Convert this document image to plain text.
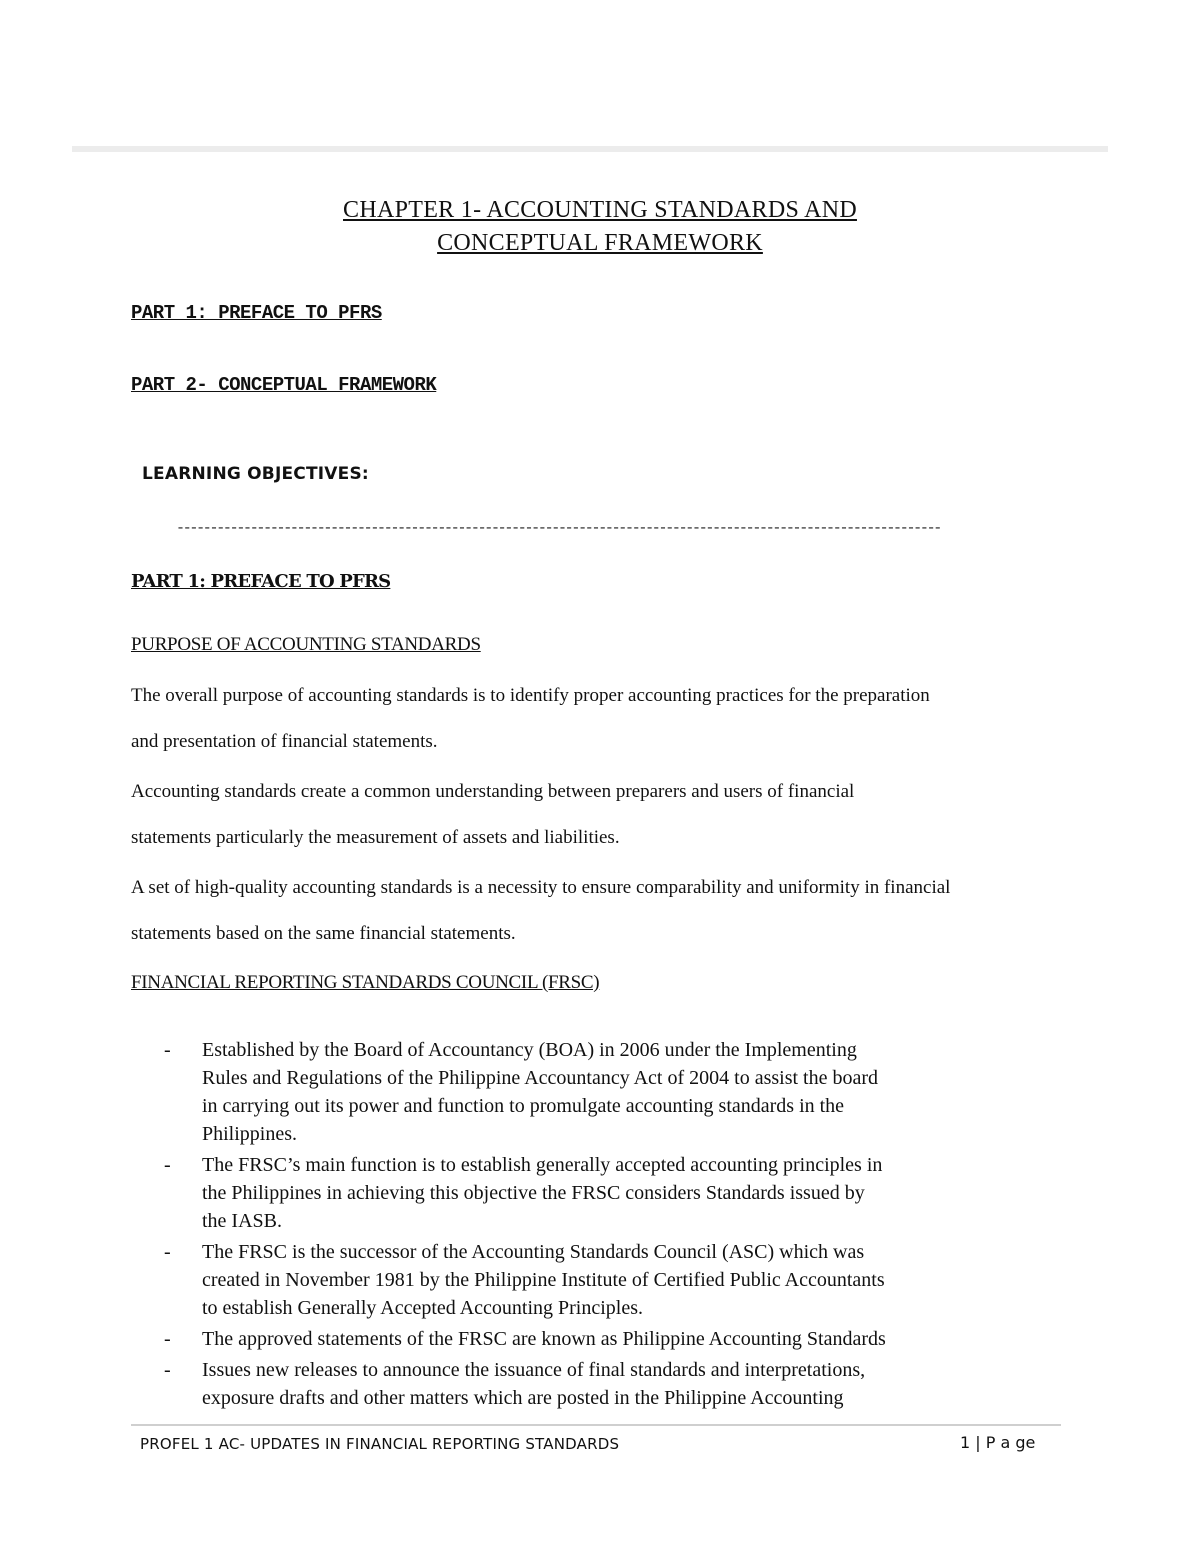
CHAPTER 1- ACCOUNTING STANDARDS AND
CONCEPTUAL FRAMEWORK
PART 1: PREFACE TO PFRS
PART 2- CONCEPTUAL FRAMEWORK
LEARNING OBJECTIVES:
------------------------------------------------------------------------------------------------------------------
PART 1: PREFACE TO PFRS
PURPOSE OF ACCOUNTING STANDARDS
The overall purpose of accounting standards is to identify proper accounting practices for the preparation
and presentation of financial statements.
Accounting standards create a common understanding between preparers and users of financial
statements particularly the measurement of assets and liabilities.
A set of high-quality accounting standards is a necessity to ensure comparability and uniformity in financial
statements based on the same financial statements.
FINANCIAL REPORTING STANDARDS COUNCIL (FRSC)
- Established by the Board of Accountancy (BOA) in 2006 under the Implementing
Rules and Regulations of the Philippine Accountancy Act of 2004 to assist the board
in carrying out its power and function to promulgate accounting standards in the
Philippines.
- The FRSC’s main function is to establish generally accepted accounting principles in
the Philippines in achieving this objective the FRSC considers Standards issued by
the IASB.
- The FRSC is the successor of the Accounting Standards Council (ASC) which was
created in November 1981 by the Philippine Institute of Certified Public Accountants
to establish Generally Accepted Accounting Principles.
- The approved statements of the FRSC are known as Philippine Accounting Standards
- Issues new releases to announce the issuance of final standards and interpretations,
exposure drafts and other matters which are posted in the Philippine Accounting
PROFEL 1 AC- UPDATES IN FINANCIAL REPORTING STANDARDS	1 | P a ge
